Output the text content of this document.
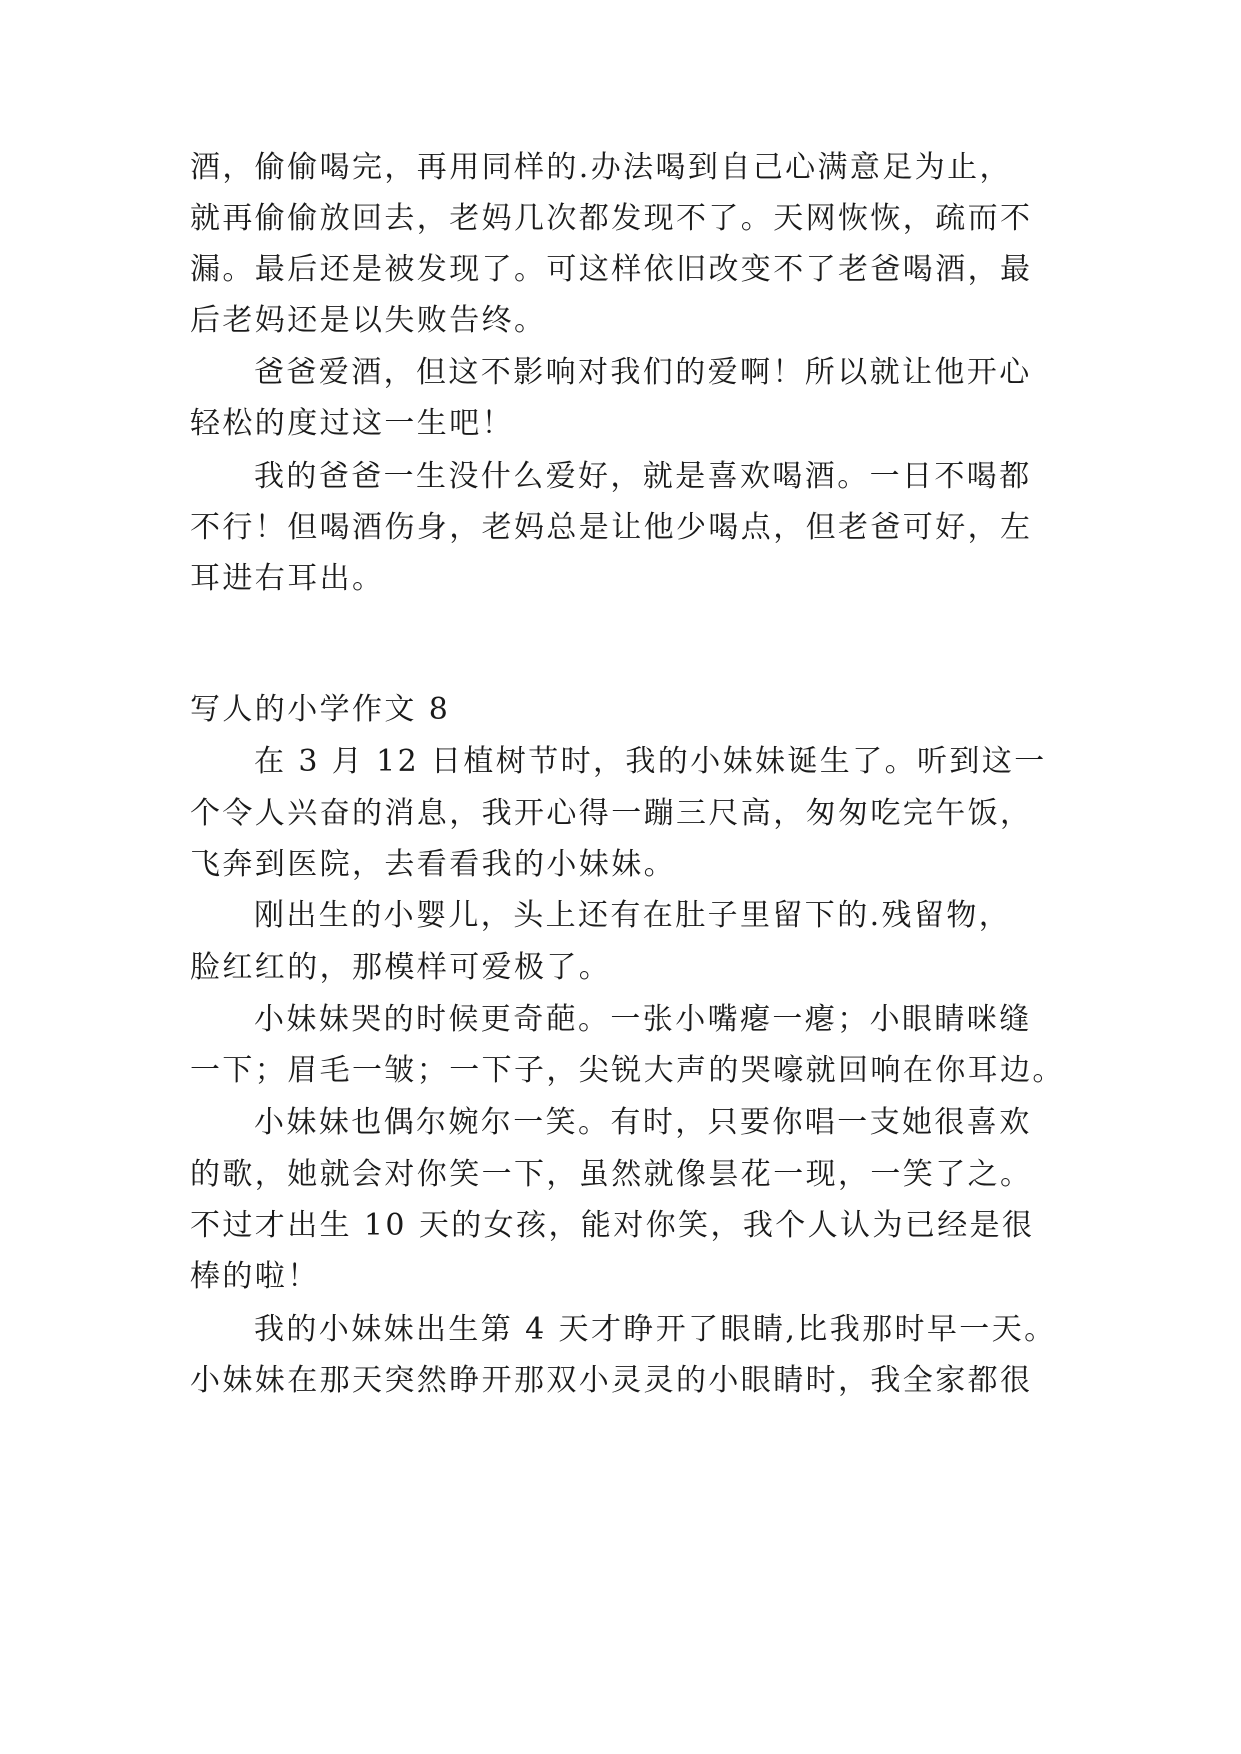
酒，偷偷喝完，再用同样的.办法喝到自己心满意足为止，
就再偷偷放回去，老妈几次都发现不了。天网恢恢，疏而不
漏。最后还是被发现了。可这样依旧改变不了老爸喝酒，最
后老妈还是以失败告终。
爸爸爱酒，但这不影响对我们的爱啊！所以就让他开心
轻松的度过这一生吧！
我的爸爸一生没什么爱好，就是喜欢喝酒。一日不喝都
不行！但喝酒伤身，老妈总是让他少喝点，但老爸可好，左
耳进右耳出。
写人的小学作文 8
在 3 月 12 日植树节时，我的小妹妹诞生了。听到这一
个令人兴奋的消息，我开心得一蹦三尺高，匆匆吃完午饭，
飞奔到医院，去看看我的小妹妹。
刚出生的小婴儿，头上还有在肚子里留下的.残留物，
脸红红的，那模样可爱极了。
小妹妹哭的时候更奇葩。一张小嘴瘪一瘪；小眼睛咪缝
一下；眉毛一皱；一下子，尖锐大声的哭嚎就回响在你耳边。
小妹妹也偶尔婉尔一笑。有时，只要你唱一支她很喜欢
的歌，她就会对你笑一下，虽然就像昙花一现，一笑了之。
不过才出生 10 天的女孩，能对你笑，我个人认为已经是很
棒的啦！
我的小妹妹出生第 4 天才睁开了眼睛,比我那时早一天。
小妹妹在那天突然睁开那双小灵灵的小眼睛时，我全家都很
